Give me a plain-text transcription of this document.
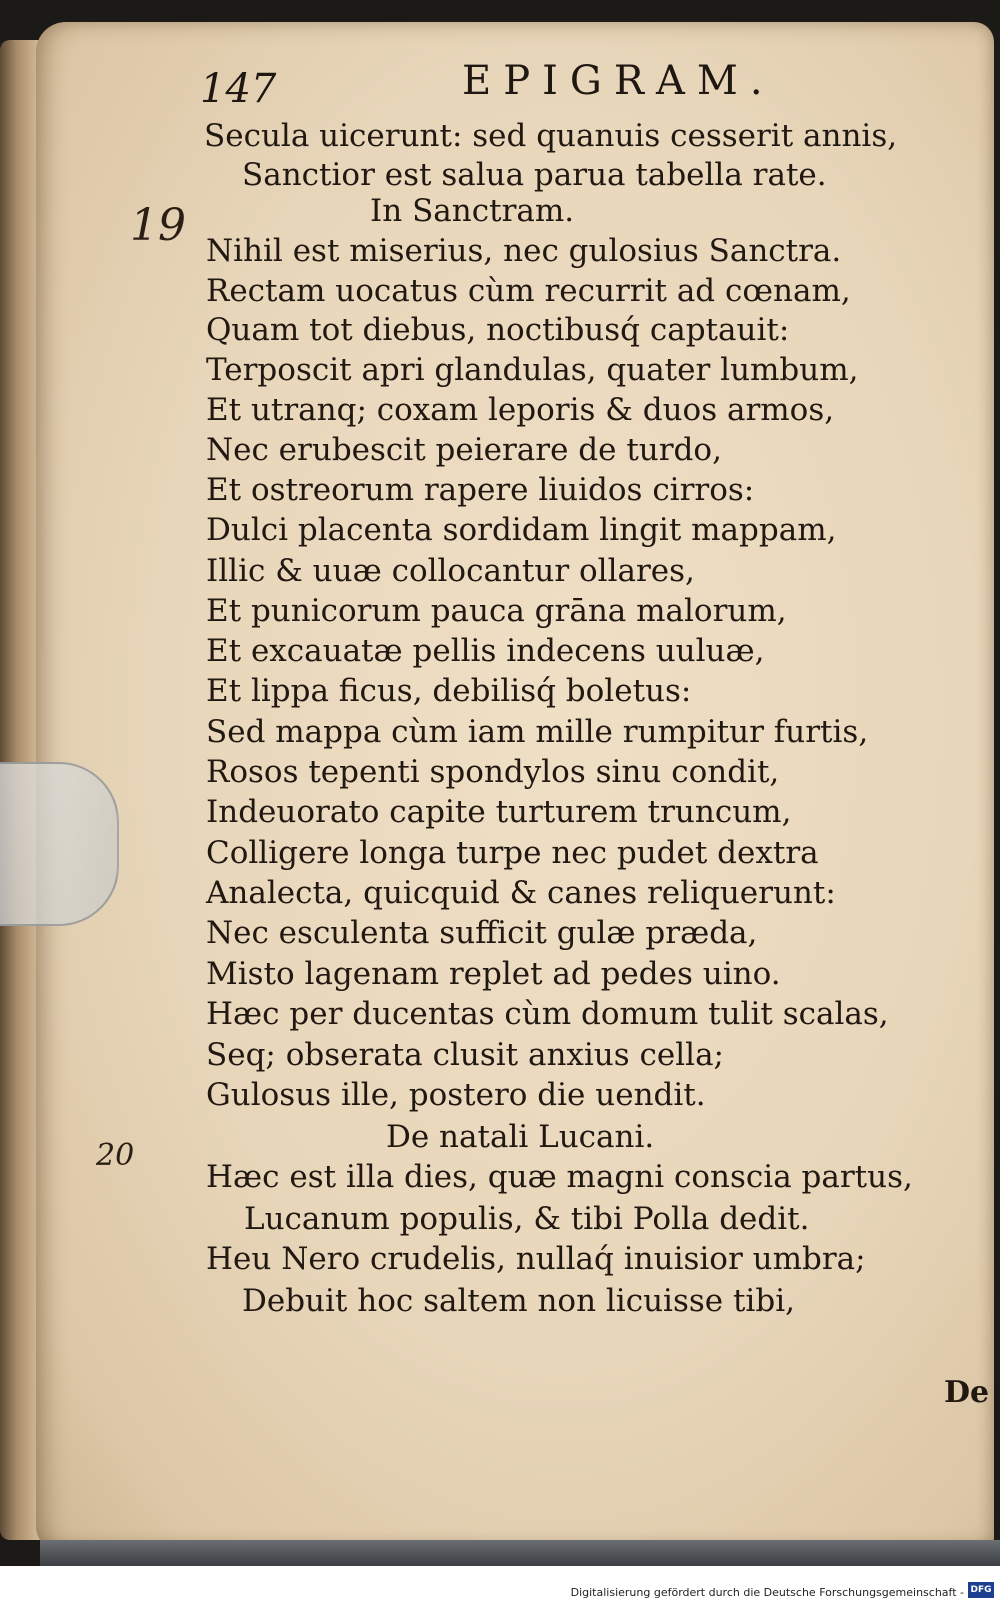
147	EPIGRAM.
19
20
Secula uicerunt: sed quanuis cesserit annis,
Sanctior est salua parua tabella rate.
In Sanctram.
Nihil est miserius, nec gulosius Sanctra.
Rectam uocatus cùm recurrit ad cœnam,
Quam tot diebus, noctibusq́ captauit:
Terposcit apri glandulas, quater lumbum,
Et utranq; coxam leporis & duos armos,
Nec erubescit peierare de turdo,
Et ostreorum rapere liuidos cirros:
Dulci placenta sordidam lingit mappam,
Illic & uuæ collocantur ollares,
Et punicorum pauca grāna malorum,
Et excauatæ pellis indecens uuluæ,
Et lippa ficus, debilisq́ boletus:
Sed mappa cùm iam mille rumpitur furtis,
Rosos tepenti spondylos sinu condit,
Indeuorato capite turturem truncum,
Colligere longa turpe nec pudet dextra
Analecta, quicquid & canes reliquerunt:
Nec esculenta sufficit gulæ præda,
Misto lagenam replet ad pedes uino.
Hæc per ducentas cùm domum tulit scalas,
Seq; obserata clusit anxius cella;
Gulosus ille, postero die uendit.
De natali Lucani.
Hæc est illa dies, quæ magni conscia partus,
Lucanum populis, & tibi Polla dedit.
Heu Nero crudelis, nullaq́ inuisior umbra;
Debuit hoc saltem non licuisse tibi,
De
Digitalisierung gefördert durch die Deutsche Forschungsgemeinschaft - DFG
